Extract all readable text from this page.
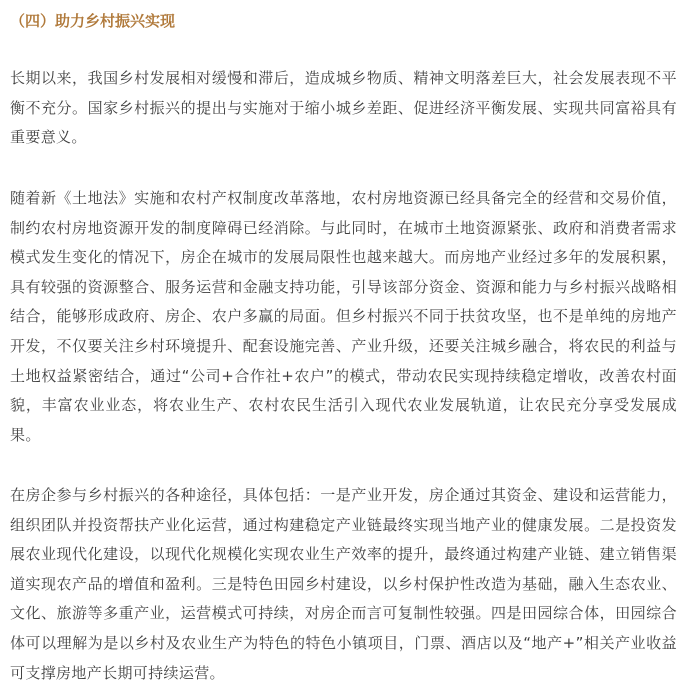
（四）助力乡村振兴实现

长期以来，我国乡村发展相对缓慢和滞后，造成城乡物质、精神文明落差巨大，社会发展表现不平衡不充分。国家乡村振兴的提出与实施对于缩小城乡差距、促进经济平衡发展、实现共同富裕具有重要意义。

随着新《土地法》实施和农村产权制度改革落地，农村房地资源已经具备完全的经营和交易价值，制约农村房地资源开发的制度障碍已经消除。与此同时，在城市土地资源紧张、政府和消费者需求模式发生变化的情况下，房企在城市的发展局限性也越来越大。而房地产业经过多年的发展积累，具有较强的资源整合、服务运营和金融支持功能，引导该部分资金、资源和能力与乡村振兴战略相结合，能够形成政府、房企、农户多赢的局面。但乡村振兴不同于扶贫攻坚，也不是单纯的房地产开发，不仅要关注乡村环境提升、配套设施完善、产业升级，还要关注城乡融合，将农民的利益与土地权益紧密结合，通过“公司+合作社+农户”的模式，带动农民实现持续稳定增收，改善农村面貌，丰富农业业态，将农业生产、农村农民生活引入现代农业发展轨道，让农民充分享受发展成果。

在房企参与乡村振兴的各种途径，具体包括：一是产业开发，房企通过其资金、建设和运营能力，组织团队并投资帮扶产业化运营，通过构建稳定产业链最终实现当地产业的健康发展。二是投资发展农业现代化建设，以现代化规模化实现农业生产效率的提升，最终通过构建产业链、建立销售渠道实现农产品的增值和盈利。三是特色田园乡村建设，以乡村保护性改造为基础，融入生态农业、文化、旅游等多重产业，运营模式可持续，对房企而言可复制性较强。四是田园综合体，田园综合体可以理解为是以乡村及农业生产为特色的特色小镇项目，门票、酒店以及“地产+”相关产业收益可支撑房地产长期可持续运营。
